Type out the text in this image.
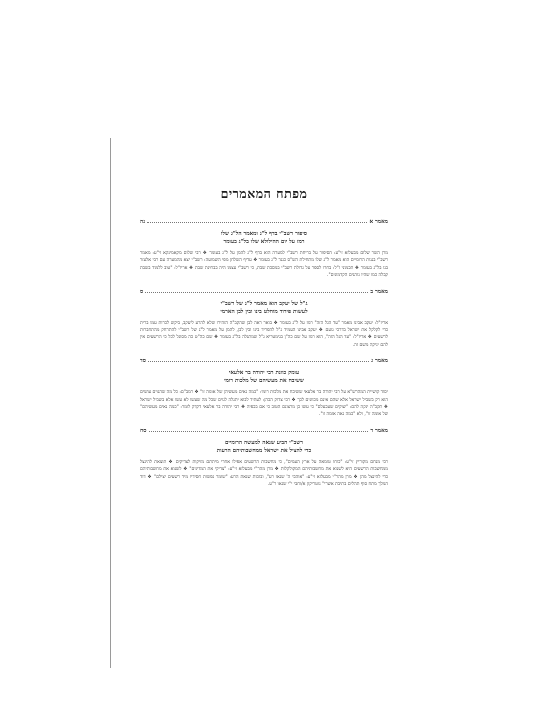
מפתח המאמרים
מאמר א
נה
סיפור רשב"י בדף ל"ג ומאמר הל"ג שלו
רמז על יום ההילולא שלו בל"ג בעומר
מרן השר שלום מבעלזא זי"ע: הסיפור על בריחת רשב"י למערה הוא בדף ל"ג להמן על ל"ג בעומר ❖ רבי שלום מקאמינקא זי"ע: מאמר רשב"י בגנות הרומיים הוא מאמר ל"ג שלו מתחילת הש"ס כנגד ל"ג בעומר ❖ עדיף השלחן מפי השמועה: רשב"י יצא מהמערה עם רבי אלעזר בנו בל"ג בעומר ❖ תכמוני ז"ל: בחרו לספר על גדולת רשב"י במסכת שבת, כי רשב"י עצמו היה בבחינת שבת ❖ אריז"ל: "טוב ללמוד בשבת קבלה כמו שהיו נוהגים הקדמונים".
מאמר ב
ס
ג"ל של יעקב הוא מאמר ל"ג של רשב"י
לעשות פירוד מוחלט בינו ובין לבן הארמי
אריז"ל: יעקב אבינו מאמר "עד הגל הזה" רמז על ל"ג בעומר ❖ בואר ראה לבן שהקב"ה הזהירו שלא להרע ליעקב, ביקש לכרות עמו ברית כדי לקלקל את ישראל בדרכי גועם ❖ יעקב אבינו העמיד ג"ל להפריד בינו ובין לבן, להמן על מאמר ל"ג של רשב"י להתרחק מהתחברות לרשעים ❖ אריז"ל: "עד הגל הזה", הוא רמז על שם כה"ן בגימטריא ג"ל שמתגלה בל"ג בעומר ❖ שם כה"ט כה מסוגל לכל כי הרשעים אין להם יניקה משם זה.
מאמר ג
סד
עומק כוונת רבי יהודה בר אלעאי
ששיבח את מעשיהם של מלכות רומי
יסוד קושיית המהרש"א על רבי יהודה בר אלעאי ששיבח את מלכות רומי: "כמה נאים מעשיהן של אומה זו" ❖ רמב"ם: כל מה שהגוים עושים הוא רק בשביל ישראל אלא שהם אינם מכוונים לכך ❖ רבי צדוק הכהן: לעתיד לבוא יתגלה לגוים שכל מה שעשו לא עשו אלא בשביל ישראל ❖ תקב"ה ינקה להם: "שוקים שעכעלם" כי עשו כן מרצונם הטוב כי אם בכפיה ❖ רבי יהודה בר אלעאי דקדק לומר: "כמה נאים מעשיהם" של אומה זו", ולא "כמה נאה אומה זו".
מאמר ד
סח
רשב"י הביע שנאה למעשה הרומיים
כדי להציל את ישראל ממחשבותיהם הרעות
רבי מנחם מקוריץ זי"ע: "כוחו טומאה על ארץ העמים", כי מחשבות הרשעים אפילו אחרי מיתתם מזיקות לצדיקים ❖ תוצאת להינצל ממחשבות הרשעים היא לשנוא את מחשבותיהם המקולקלות ❖ מרן מהר"י מבעלזא זי"ע: "צדיקי את המדינים" ❖ לשנוא את מחשבותיהם כדי להינצל מהן ❖ מרן מהר"י מבעלזא זי"ע: "אוהבי ה' שנאו רע", ובזכות שנאת הרע: "שומר נפשות חסידיו מיד רשעים יצילם" ❖ דוד המלך מתח סוף תהלים בתיבת אשרי" נוטריקון א/וחבי י"י שנאו ר"ע.
